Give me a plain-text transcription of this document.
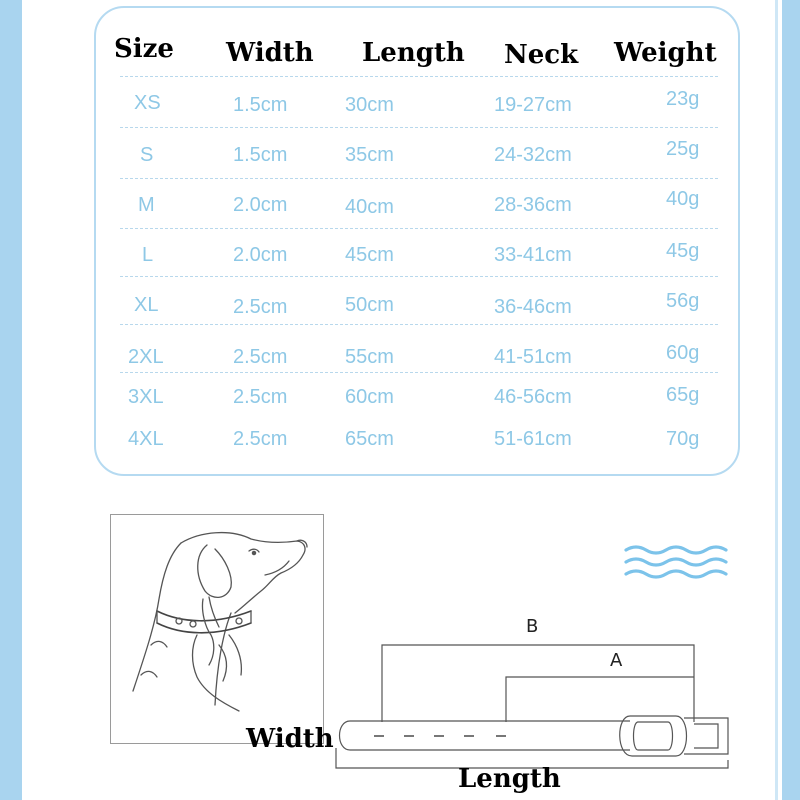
Size Width Length Neck Weight
XS	1.5cm	30cm	19-27cm	23g
S	1.5cm	35cm	24-32cm	25g
M	2.0cm	40cm	28-36cm	40g
L	2.0cm	45cm	33-41cm	45g
XL	2.5cm	50cm	36-46cm	56g
2XL	2.5cm	55cm	41-51cm	60g
3XL	2.5cm	60cm	46-56cm	65g
4XL	2.5cm	65cm	51-61cm	70g
B
A
Width
Length
